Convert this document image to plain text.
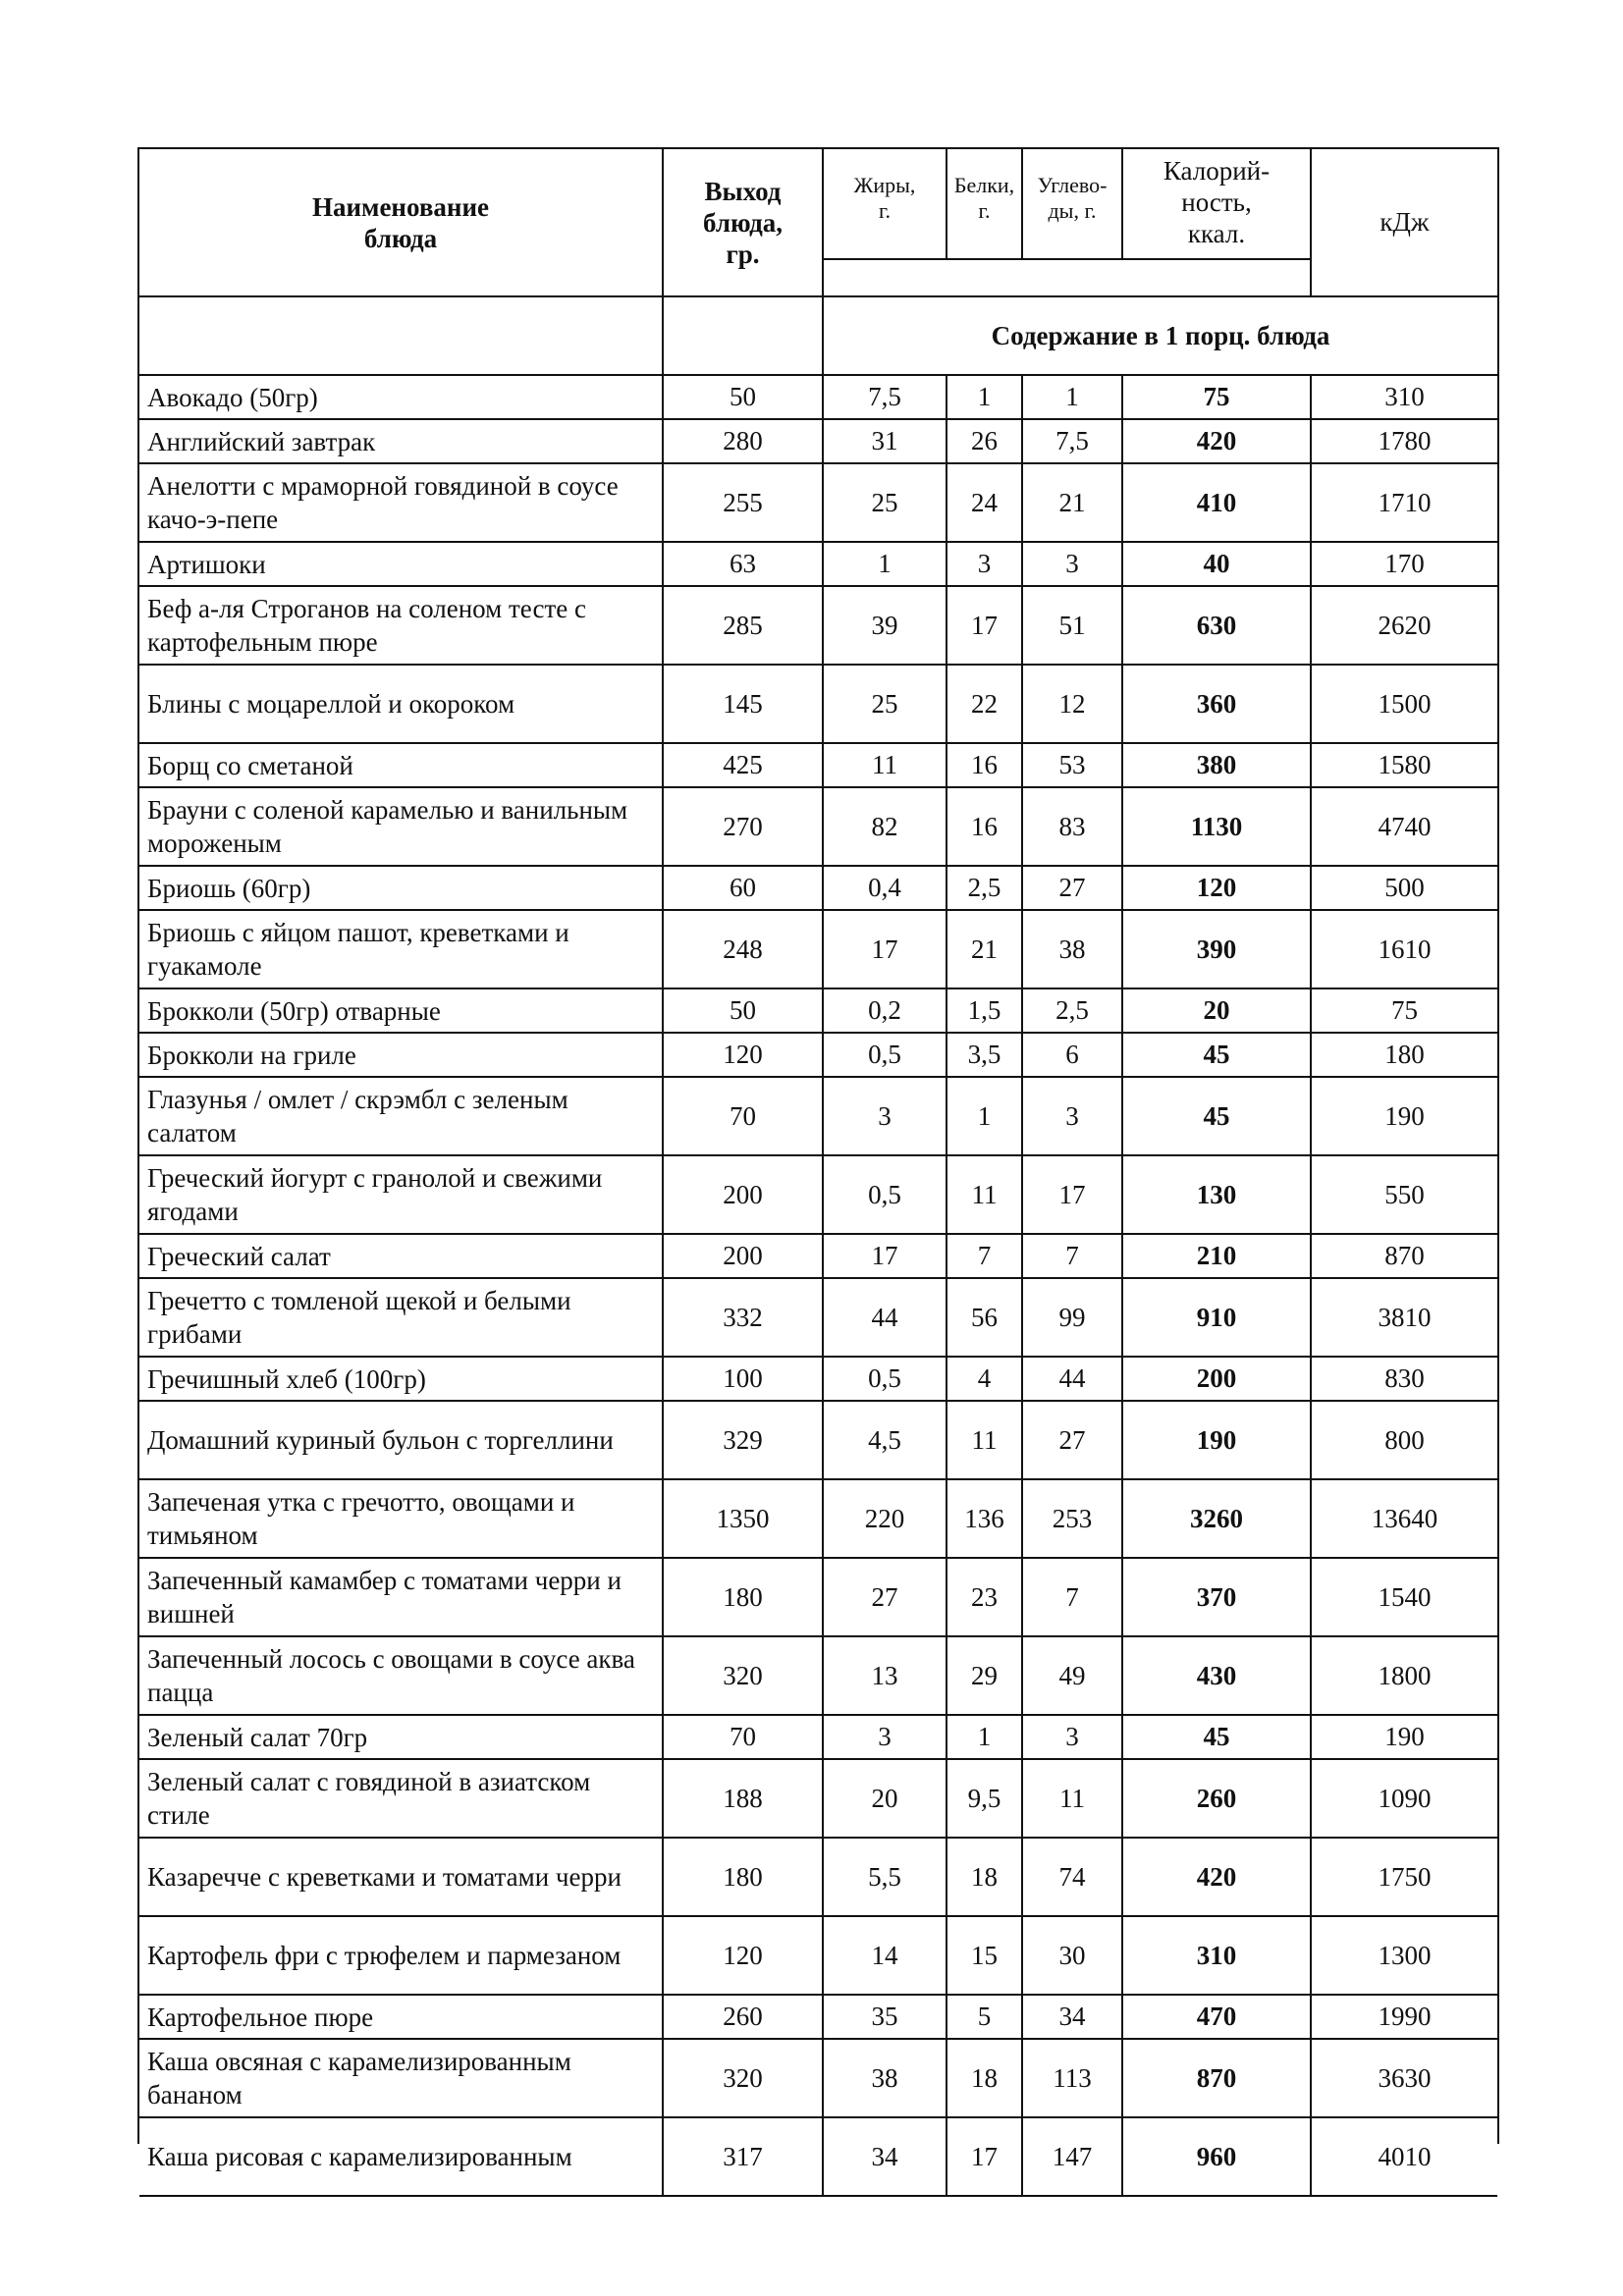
Наименование
блюда	Выход
блюда,
гр.	Жиры,
г.	Белки,
г.	Углево-
ды, г.	Калорий-
ность,
ккал.	кДж

		Содержание в 1 порц. блюда				
Авокадо (50гр)	50	7,5	1	1	75	310
Английский завтрак	280	31	26	7,5	420	1780
Анелотти с мраморной говядиной в соусе качо-э-пепе	255	25	24	21	410	1710
Артишоки	63	1	3	3	40	170
Беф а-ля Строганов на соленом тесте с картофельным пюре	285	39	17	51	630	2620
Блины с моцареллой и окороком	145	25	22	12	360	1500
Борщ со сметаной	425	11	16	53	380	1580
Брауни с соленой карамелью и ванильным мороженым	270	82	16	83	1130	4740
Бриошь (60гр)	60	0,4	2,5	27	120	500
Бриошь с яйцом пашот, креветками и гуакамоле	248	17	21	38	390	1610
Брокколи (50гр) отварные	50	0,2	1,5	2,5	20	75
Брокколи на гриле	120	0,5	3,5	6	45	180
Глазунья / омлет / скрэмбл с зеленым салатом	70	3	1	3	45	190
Греческий йогурт с гранолой и свежими ягодами	200	0,5	11	17	130	550
Греческий салат	200	17	7	7	210	870
Гречетто с томленой щекой и белыми грибами	332	44	56	99	910	3810
Гречишный хлеб (100гр)	100	0,5	4	44	200	830
Домашний куриный бульон с торгеллини	329	4,5	11	27	190	800
Запеченая утка с гречотто, овощами и тимьяном	1350	220	136	253	3260	13640
Запеченный камамбер с томатами черри и вишней	180	27	23	7	370	1540
Запеченный лосось с овощами в соусе аква пацца	320	13	29	49	430	1800
Зеленый салат 70гр	70	3	1	3	45	190
Зеленый салат с говядиной в азиатском стиле	188	20	9,5	11	260	1090
Казаречче с креветками и томатами черри	180	5,5	18	74	420	1750
Картофель фри с трюфелем и пармезаном	120	14	15	30	310	1300
Картофельное пюре	260	35	5	34	470	1990
Каша овсяная с карамелизированным бананом	320	38	18	113	870	3630
Каша рисовая с карамелизированным	317	34	17	147	960	4010
